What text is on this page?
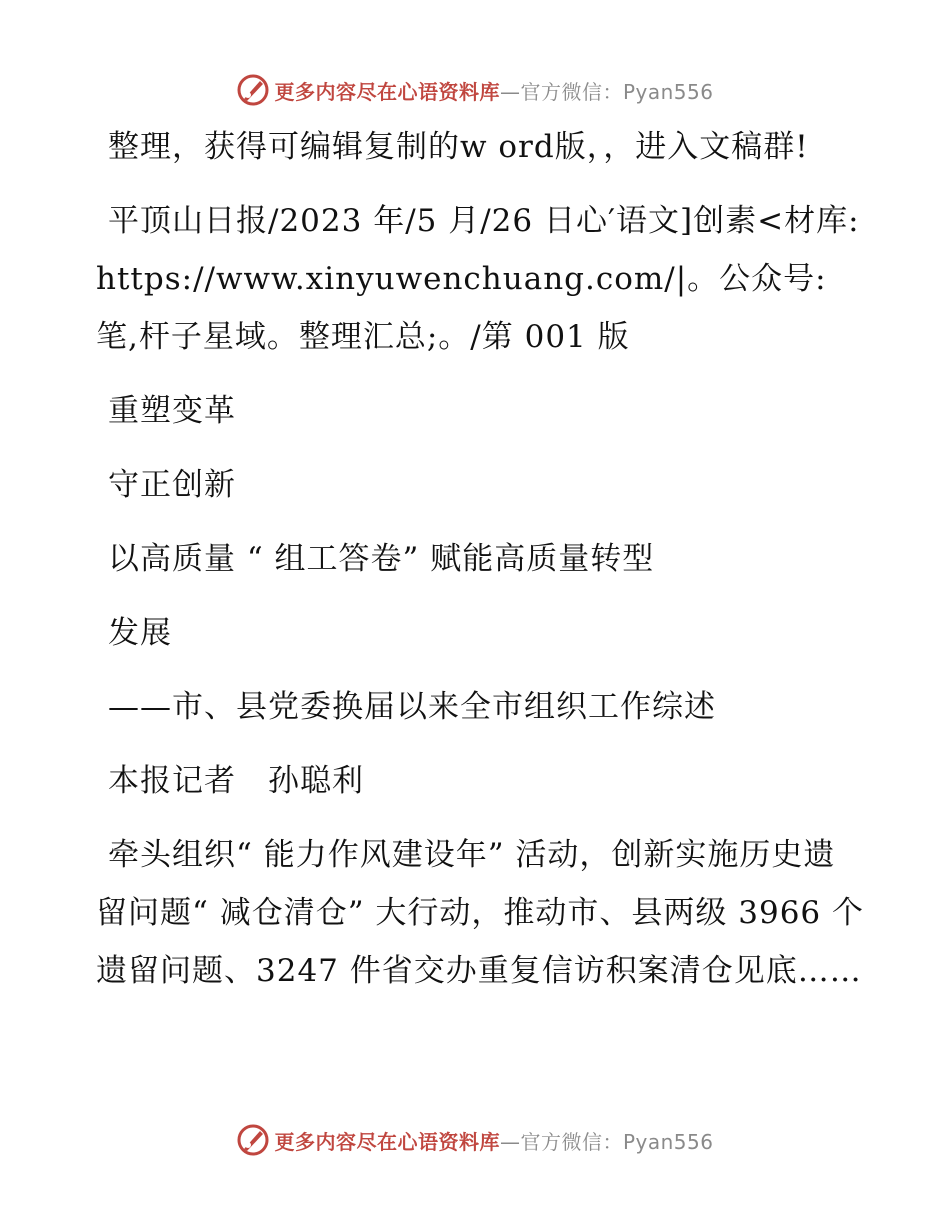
更多内容尽在心语资料库—官方微信：Pyan556

整理，获得可编辑复制的w ord版，，进入文稿群!

平顶山日报/2023 年/5 月/26 日心′语文]创素<材库: https://www.xinyuwenchuang.com/|。公众号: 笔,杆子星域。整理汇总;。/第 001 版

重塑变革

守正创新

以高质量 “ 组工答卷” 赋能高质量转型

发展

——市、县党委换届以来全市组织工作综述

本报记者　孙聪利

牵头组织“ 能力作风建设年” 活动，创新实施历史遗留问题“ 减仓清仓” 大行动，推动市、县两级 3966 个遗留问题、3247 件省交办重复信访积案清仓见底……

更多内容尽在心语资料库—官方微信：Pyan556
